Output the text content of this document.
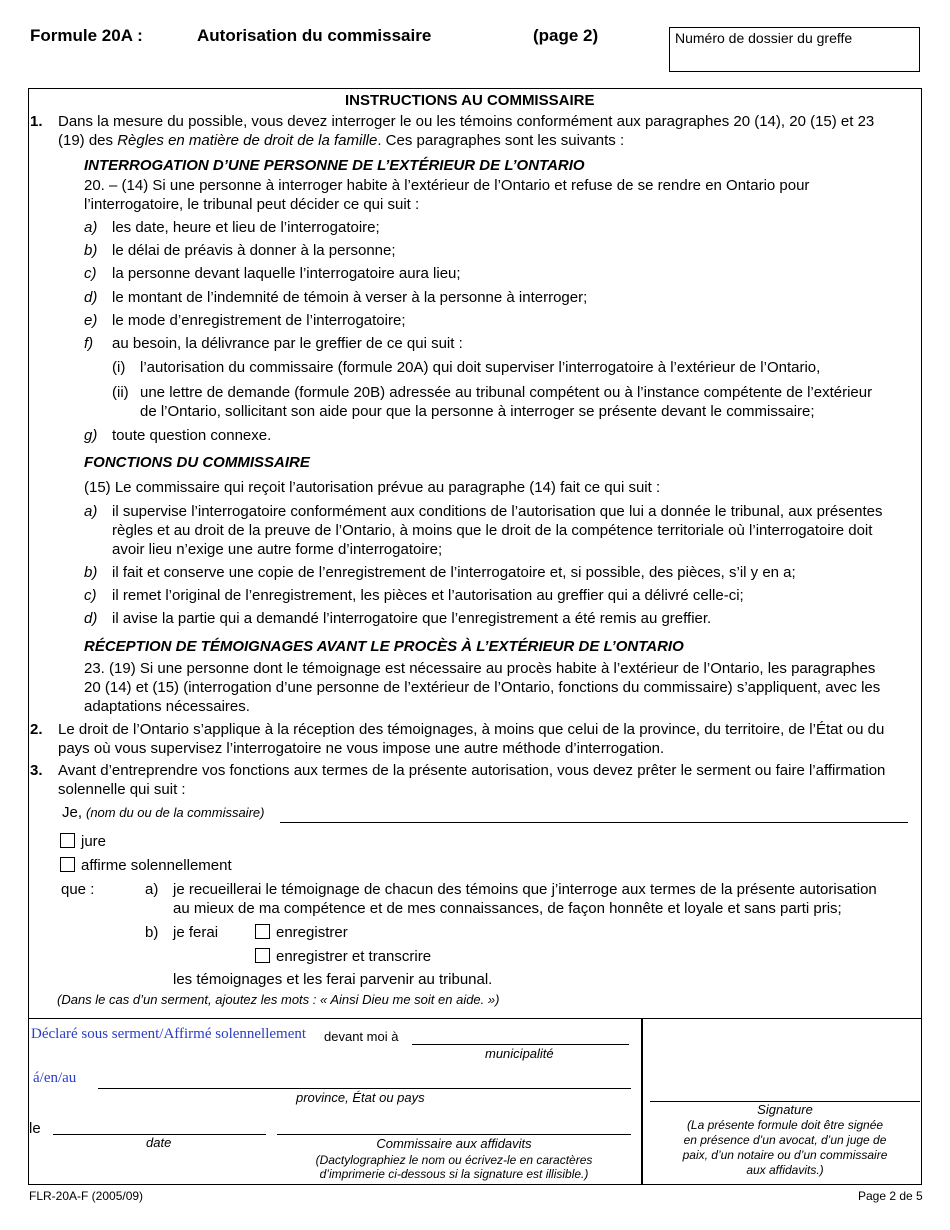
Formule 20A :	Autorisation du commissaire	(page 2)	Numéro de dossier du greffe
INSTRUCTIONS AU COMMISSAIRE
1. Dans la mesure du possible, vous devez interroger le ou les témoins conformément aux paragraphes 20 (14), 20 (15) et 23
(19) des Règles en matière de droit de la famille. Ces paragraphes sont les suivants :
INTERROGATION D’UNE PERSONNE DE L’EXTÉRIEUR DE L’ONTARIO
20. – (14) Si une personne à interroger habite à l’extérieur de l’Ontario et refuse de se rendre en Ontario pour
l’interrogatoire, le tribunal peut décider ce qui suit :
a) les date, heure et lieu de l’interrogatoire;
b) le délai de préavis à donner à la personne;
c) la personne devant laquelle l’interrogatoire aura lieu;
d) le montant de l’indemnité de témoin à verser à la personne à interroger;
e) le mode d’enregistrement de l’interrogatoire;
f) au besoin, la délivrance par le greffier de ce qui suit :
(i) l’autorisation du commissaire (formule 20A) qui doit superviser l’interrogatoire à l’extérieur de l’Ontario,
(ii) une lettre de demande (formule 20B) adressée au tribunal compétent ou à l’instance compétente de l’extérieur
de l’Ontario, sollicitant son aide pour que la personne à interroger se présente devant le commissaire;
g) toute question connexe.
FONCTIONS DU COMMISSAIRE
(15) Le commissaire qui reçoit l’autorisation prévue au paragraphe (14) fait ce qui suit :
a) il supervise l’interrogatoire conformément aux conditions de l’autorisation que lui a donnée le tribunal, aux présentes
règles et au droit de la preuve de l’Ontario, à moins que le droit de la compétence territoriale où l’interrogatoire doit
avoir lieu n’exige une autre forme d’interrogatoire;
b) il fait et conserve une copie de l’enregistrement de l’interrogatoire et, si possible, des pièces, s’il y en a;
c) il remet l’original de l’enregistrement, les pièces et l’autorisation au greffier qui a délivré celle-ci;
d) il avise la partie qui a demandé l’interrogatoire que l’enregistrement a été remis au greffier.
RÉCEPTION DE TÉMOIGNAGES AVANT LE PROCÈS À L’EXTÉRIEUR DE L’ONTARIO
23. (19) Si une personne dont le témoignage est nécessaire au procès habite à l’extérieur de l’Ontario, les paragraphes
20 (14) et (15) (interrogation d’une personne de l’extérieur de l’Ontario, fonctions du commissaire) s’appliquent, avec les
adaptations nécessaires.
2. Le droit de l’Ontario s’applique à la réception des témoignages, à moins que celui de la province, du territoire, de l’État ou du
pays où vous supervisez l’interrogatoire ne vous impose une autre méthode d’interrogation.
3. Avant d’entreprendre vos fonctions aux termes de la présente autorisation, vous devez prêter le serment ou faire l’affirmation
solennelle qui suit :
Je, (nom du ou de la commissaire)
jure
affirme solennellement
que :	a) je recueillerai le témoignage de chacun des témoins que j’interroge aux termes de la présente autorisation
au mieux de ma compétence et de mes connaissances, de façon honnête et loyale et sans parti pris;
b) je ferai	enregistrer
enregistrer et transcrire
les témoignages et les ferai parvenir au tribunal.
(Dans le cas d’un serment, ajoutez les mots : « Ainsi Dieu me soit en aide. »)
Déclaré sous serment/Affirmé solennellement devant moi à
municipalité
á/en/au
province, État ou pays
le
date	Commissaire aux affidavits
(Dactylographiez le nom ou écrivez-le en caractères
d’imprimerie ci-dessous si la signature est illisible.)
Signature
(La présente formule doit être signée
en présence d’un avocat, d’un juge de
paix, d’un notaire ou d’un commissaire
aux affidavits.)
FLR-20A-F (2005/09)	Page 2 de 5
